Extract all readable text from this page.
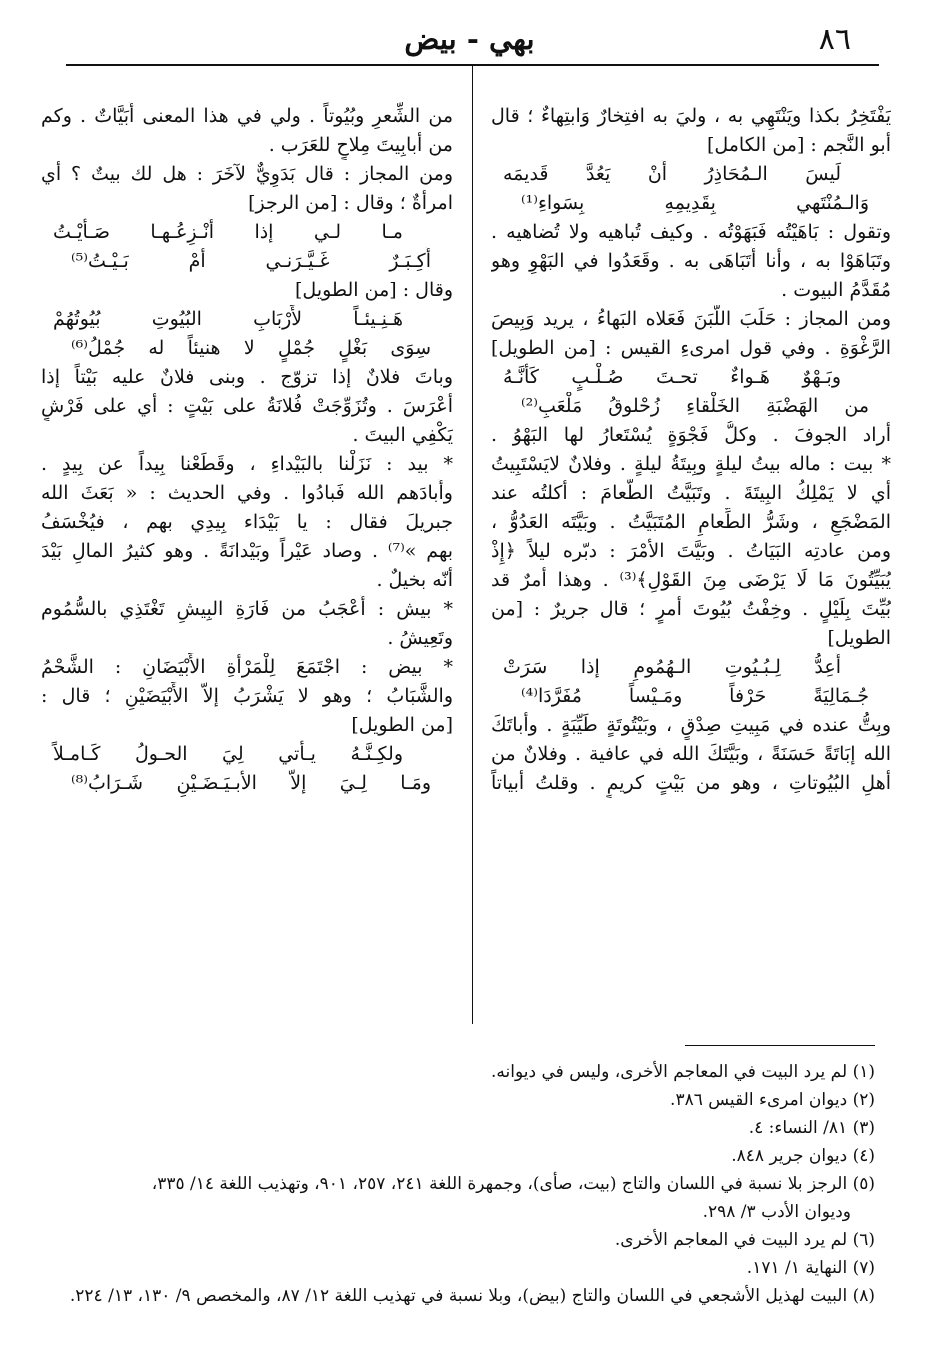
٨٦
بهي - بيض

يَفْتَخِرُ بكذا ويَنْتَهِي به ، وليَ به افتِخارٌ وَابتِهاءٌ ؛ قال

أبو النَّجم : [من الكامل]

لَيسَ الـمُحَاذِرُ أَنْ يَعُدَّ قَديمَه

وَالـمُنْتَهي بِقَدِيمِهِ بِسَواءِ⁽¹⁾

وتقول : بَاهَيْتُه فَبَهَوْتُه . وكيف تُباهيه ولا تُضاهيه .

وتَبَاهَوْا به ، وأنا أَتَبَاهَى به . وقَعَدُوا في البَهْوِ وهو

مُقَدَّمُ البيوت .

ومن المجاز : حَلَبَ اللَّبَنَ فَعَلاه البَهاءُ ، يريد وَبِيصَ

الرَّغْوَةِ . وفي قول امرىءِ القيس : [من الطويل]

وبَـهْوٌ هَـواءٌ تحـتَ صُـلْـبٍ كَأنَّـهُ

من الهَضْبَةِ الخَلْقاءِ زُحْلوقُ مَلْعَبِ⁽²⁾

أراد الجوفَ . وكلُّ فَجْوَةٍ يُسْتَعارُ لها البَهْوُ .

* بيت : ماله بيتُ ليلةٍ وبِيتَةُ ليلةٍ . وفلانٌ لايَسْتَبِيتُ

أي لا يَمْلِكُ البِيتَةَ . وتَبَيَّتُ الطَّعامَ : أكلتُه عند

المَضْجَعِ ، وشَرُّ الطِّعامِ المُتَبَيَّتُ . وبَيَّتَه العَدُوُّ ،

ومن عادتِه البَيَاتُ . وبَيَّتَ الأمْرَ : دبّره ليلاً ﴿إِذْ

يُبَيِّتُونَ مَا لَا يَرْضَى مِنَ القَوْلِ﴾⁽³⁾ . وهذا أمرٌ قد

بُيِّتَ بِلَيْلٍ . وخِفْتُ بُيُوتَ أمرٍ ؛ قال جريرٌ : [من

الطويل]

أُعِدُّ لِـبُـيُوتِ الـهُمُومِ إذا سَرَتْ

جُـمَالِيَةً حَرْفاً ومَـيْساً مُفَرَّدَا⁽⁴⁾

وبِتُّ عنده في مَبِيتِ صِدْقٍ ، وبَيْتُوتَةٍ طَيِّبَةٍ . وأباتَكَ

الله إبَاتَةً حَسَنَةً ، وبَيَّتَكَ الله في عافية . وفلانٌ من

أهلِ البُيُوتاتِ ، وهو من بَيْتٍ كريمٍ . وقلتُ أبياتاً

من الشِّعرِ وبُيُوتاً . ولي في هذا المعنى أُبَيَّاتٌ . وكم

من أبابِيتَ مِلاحٍ للعَرَب .

ومن المجاز : قال بَدَوِيٌّ لآخَرَ : هل لك بيتٌ ؟ أي

امرأةٌ ؛ وقال : [من الرجز]

مـا لـي إذا أَنْـزِعُـهـا صَـأَيْـتُ

أَكِـبَـرٌ غَـيَّـرَنـي أمْ بَـيْـتُ⁽⁵⁾

وقال : [من الطويل]

هَـنِـيئـاً لأَرْبَابِ البُيُوتِ بُيُوتُهُمْ

سِوَى بَغْلٍ جُمْلٍ لا هنيئاً له جُمْلُ⁽⁶⁾

وباتَ فلانٌ إذا تزوّج . وبنى فلانٌ عليه بَيْتاً إذا

أعْرَسَ . وتُزَوِّجَتْ فُلانَةُ على بَيْتٍ : أي على فَرْشٍ

يَكْفِي البيتَ .

* بيد : نَزَلْنا بالبَيْداءِ ، وقَطَعْنا بِيداً عن بِيدٍ .

وأَبادَهم الله فَبادُوا . وفي الحديث : « بَعَثَ الله

جبريلَ فقال : يا بَيْدَاء بِيدِي بهم ، فيُخْسَفُ

بهم »⁽⁷⁾ . وصاد عَيْراً وبَيْدانَةً . وهو كثيرُ المالِ بَيْدَ

أنّه بخيلٌ .

* بيش : أَعْجَبُ من فَارَةِ البِيشِ تَغْتَذِي بالسُّمُوم

وتَعِيشُ .

* بيض : اجْتَمَعَ لِلْمَرْأةِ الأَبْيَضَانِ : الشَّحْمُ

والشَّبَابُ ؛ وهو لا يَشْرَبُ إلاّ الأَبْيَضَيْنِ ؛ قال :

[من الطويل]

ولكِـنَّـهُ يـأتي لِيَ الحـولُ كَـامـلاً

ومَـا لِـيَ إلاّ الأبـيَـضَـيْنِ شَـرَابُ⁽⁸⁾

(١) لم يرد البيت في المعاجم الأخرى، وليس في ديوانه.

(٢) ديوان امرىء القيس ٣٨٦.

(٣) ٨١/ النساء: ٤.

(٤) ديوان جرير ٨٤٨.

(٥) الرجز بلا نسبة في اللسان والتاج (بيت، صأى)، وجمهرة اللغة ٢٤١، ٢٥٧، ٩٠١، وتهذيب اللغة ١٤/ ٣٣٥،

وديوان الأدب ٣/ ٢٩٨.

(٦) لم يرد البيت في المعاجم الأخرى.

(٧) النهاية ١/ ١٧١.

(٨) البيت لهذيل الأشجعي في اللسان والتاج (بيض)، وبلا نسبة في تهذيب اللغة ١٢/ ٨٧، والمخصص ٩/ ١٣٠، ١٣/ ٢٢٤.
